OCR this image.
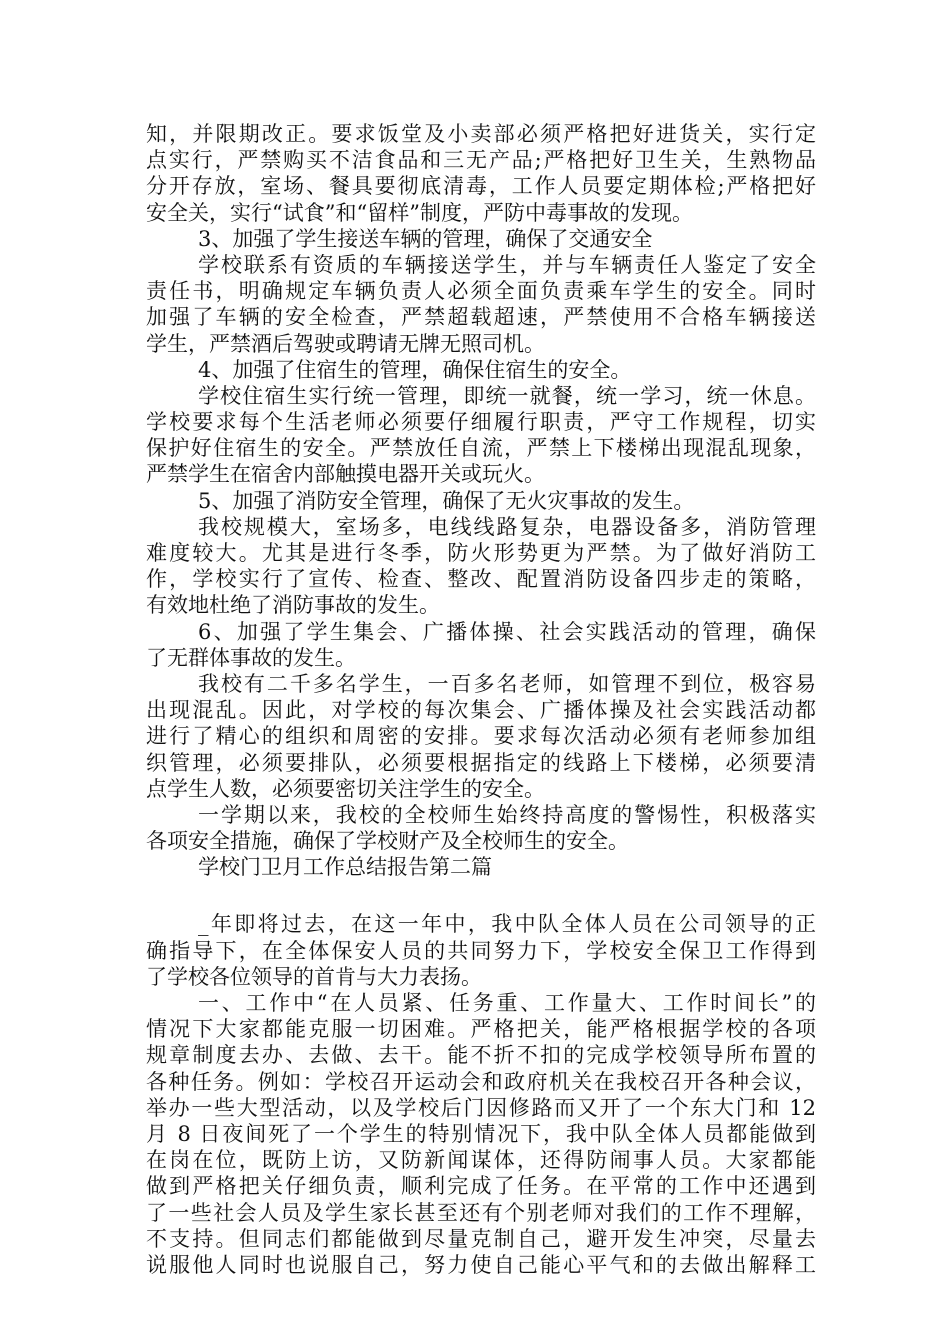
知，并限期改正。要求饭堂及小卖部必须严格把好进货关，实行定
点实行，严禁购买不洁食品和三无产品;严格把好卫生关，生熟物品
分开存放，室场、餐具要彻底清毒，工作人员要定期体检;严格把好
安全关，实行“试食”和“留样”制度，严防中毒事故的发现。
3、加强了学生接送车辆的管理，确保了交通安全
学校联系有资质的车辆接送学生，并与车辆责任人鉴定了安全
责任书，明确规定车辆负责人必须全面负责乘车学生的安全。同时
加强了车辆的安全检查，严禁超载超速，严禁使用不合格车辆接送
学生，严禁酒后驾驶或聘请无牌无照司机。
4、加强了住宿生的管理，确保住宿生的安全。
学校住宿生实行统一管理，即统一就餐，统一学习，统一休息。
学校要求每个生活老师必须要仔细履行职责，严守工作规程，切实
保护好住宿生的安全。严禁放任自流，严禁上下楼梯出现混乱现象，
严禁学生在宿舍内部触摸电器开关或玩火。
5、加强了消防安全管理，确保了无火灾事故的发生。
我校规模大，室场多，电线线路复杂，电器设备多，消防管理
难度较大。尤其是进行冬季，防火形势更为严禁。为了做好消防工
作，学校实行了宣传、检查、整改、配置消防设备四步走的策略，
有效地杜绝了消防事故的发生。
6、加强了学生集会、广播体操、社会实践活动的管理，确保
了无群体事故的发生。
我校有二千多名学生，一百多名老师，如管理不到位，极容易
出现混乱。因此，对学校的每次集会、广播体操及社会实践活动都
进行了精心的组织和周密的安排。要求每次活动必须有老师参加组
织管理，必须要排队，必须要根据指定的线路上下楼梯，必须要清
点学生人数，必须要密切关注学生的安全。
一学期以来，我校的全校师生始终持高度的警惕性，积极落实
各项安全措施，确保了学校财产及全校师生的安全。
学校门卫月工作总结报告第二篇
_年即将过去，在这一年中，我中队全体人员在公司领导的正
确指导下，在全体保安人员的共同努力下，学校安全保卫工作得到
了学校各位领导的首肯与大力表扬。
一、工作中“在人员紧、任务重、工作量大、工作时间长”的
情况下大家都能克服一切困难。严格把关，能严格根据学校的各项
规章制度去办、去做、去干。能不折不扣的完成学校领导所布置的
各种任务。例如：学校召开运动会和政府机关在我校召开各种会议，
举办一些大型活动，以及学校后门因修路而又开了一个东大门和 12
月 8 日夜间死了一个学生的特别情况下，我中队全体人员都能做到
在岗在位，既防上访，又防新闻谋体，还得防闹事人员。大家都能
做到严格把关仔细负责，顺利完成了任务。在平常的工作中还遇到
了一些社会人员及学生家长甚至还有个别老师对我们的工作不理解，
不支持。但同志们都能做到尽量克制自己，避开发生冲突，尽量去
说服他人同时也说服自己，努力使自己能心平气和的去做出解释工
